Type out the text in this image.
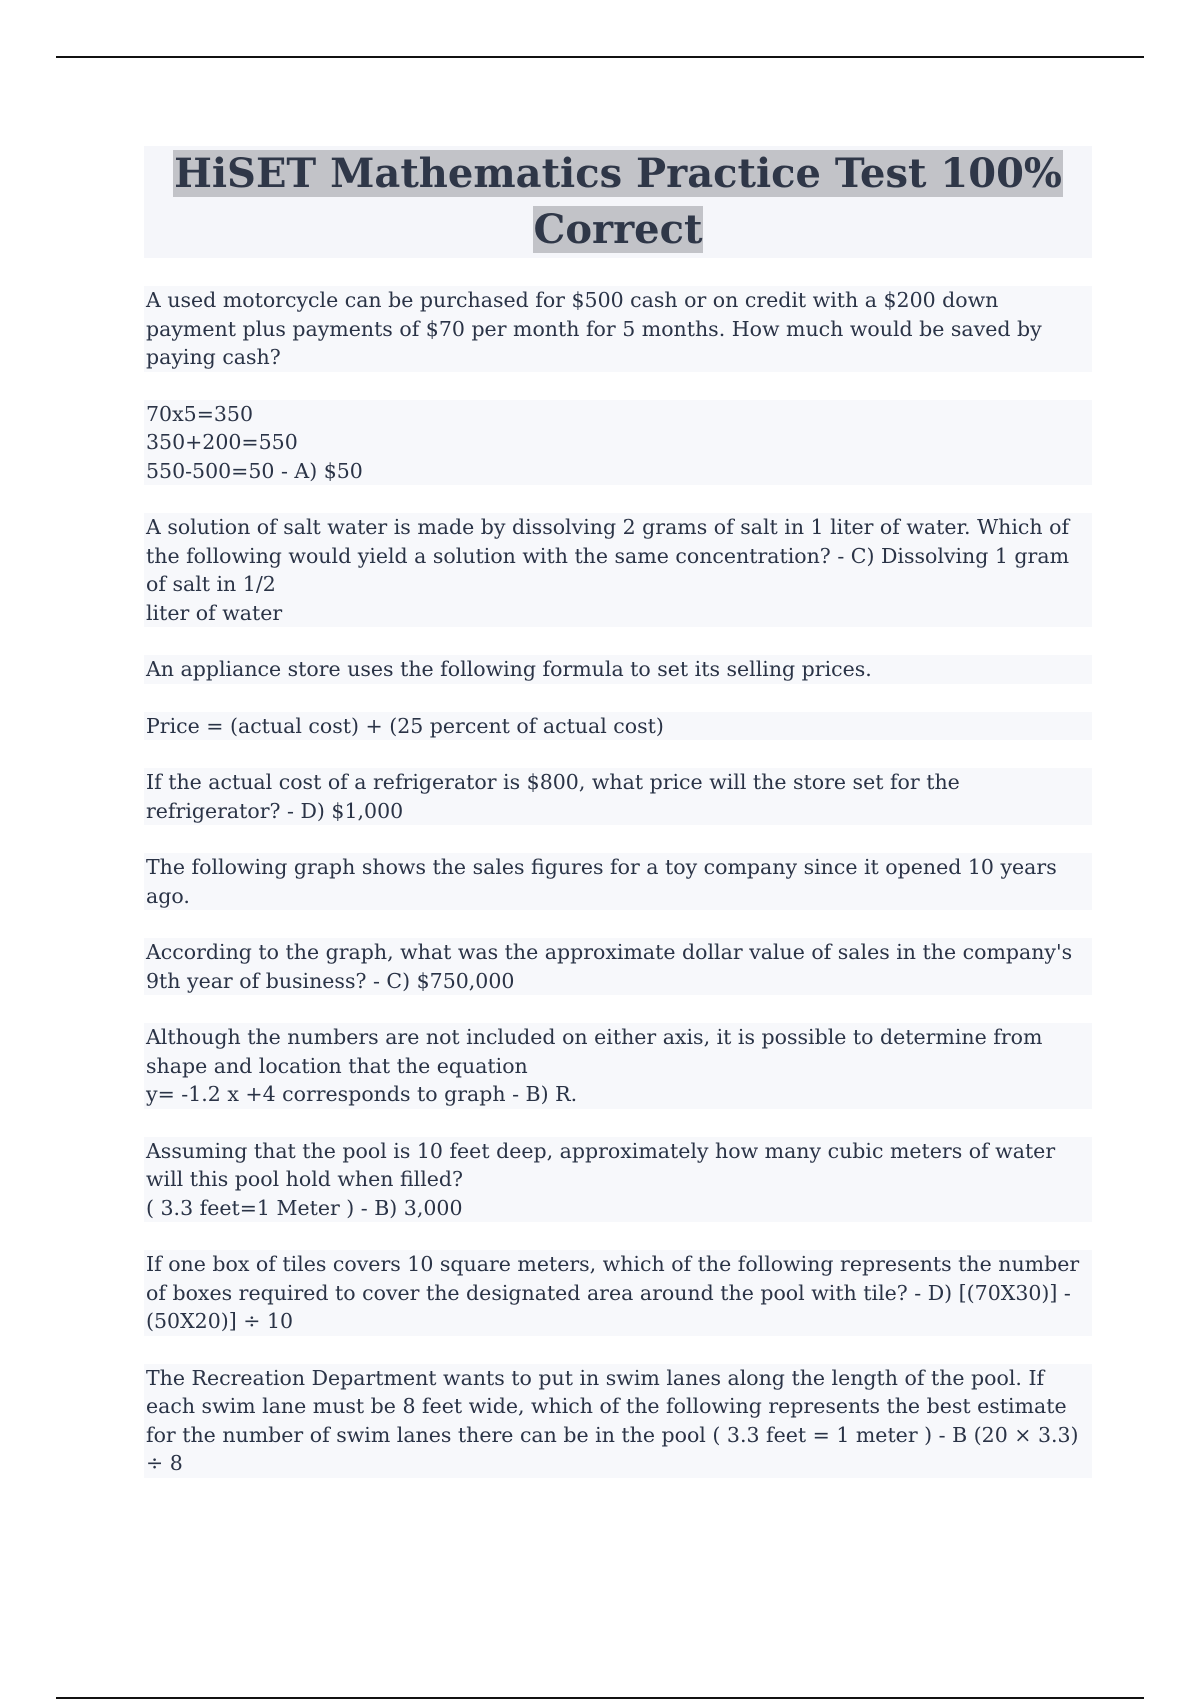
HiSET Mathematics Practice Test 100%
Correct

A used motorcycle can be purchased for $500 cash or on credit with a $200 down payment plus payments of $70 per month for 5 months. How much would be saved by paying cash?

70x5=350
350+200=550
550-500=50 - A) $50

A solution of salt water is made by dissolving 2 grams of salt in 1 liter of water. Which of the following would yield a solution with the same concentration? - C) Dissolving 1 gram of salt in 1/2
liter of water

An appliance store uses the following formula to set its selling prices.

Price = (actual cost) + (25 percent of actual cost)

If the actual cost of a refrigerator is $800, what price will the store set for the refrigerator? - D) $1,000

The following graph shows the sales figures for a toy company since it opened 10 years ago.

According to the graph, what was the approximate dollar value of sales in the company's 9th year of business? - C) $750,000

Although the numbers are not included on either axis, it is possible to determine from shape and location that the equation
y= -1.2 x +4 corresponds to graph - B) R.

Assuming that the pool is 10 feet deep, approximately how many cubic meters of water will this pool hold when filled?
( 3.3 feet=1 Meter ) - B) 3,000

If one box of tiles covers 10 square meters, which of the following represents the number of boxes required to cover the designated area around the pool with tile? - D) [(70X30)] - (50X20)] ÷ 10

The Recreation Department wants to put in swim lanes along the length of the pool. If each swim lane must be 8 feet wide, which of the following represents the best estimate for the number of swim lanes there can be in the pool ( 3.3 feet = 1 meter ) - B (20 × 3.3) ÷ 8
